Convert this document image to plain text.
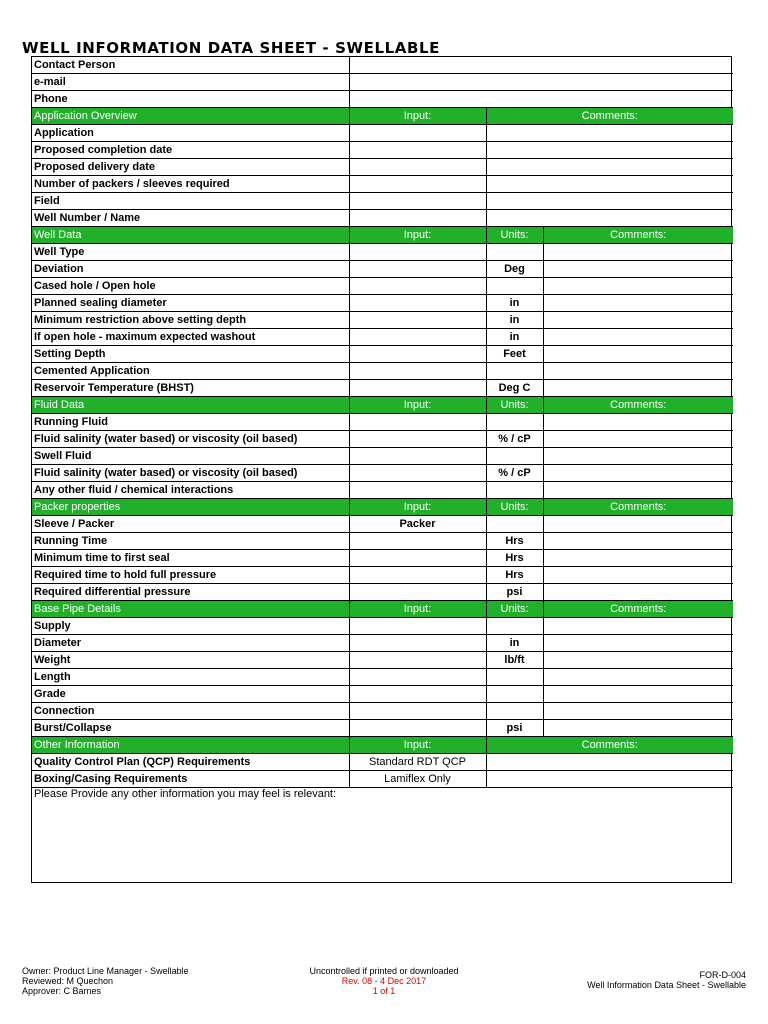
WELL INFORMATION DATA SHEET - SWELLABLE
Contact Person			
e-mail			
Phone			
Application Overview	Input:	Comments:	
Application			
Proposed completion date			
Proposed delivery date			
Number of packers / sleeves required			
Field			
Well Number / Name			
Well Data	Input:	Units:	Comments:
Well Type			
Deviation		Deg	
Cased hole / Open hole			
Planned sealing diameter		in	
Minimum restriction above setting depth		in	
If open hole - maximum expected washout		in	
Setting Depth		Feet	
Cemented Application			
Reservoir Temperature (BHST)		Deg C	
Fluid Data	Input:	Units:	Comments:
Running Fluid			
Fluid salinity (water based) or viscosity (oil based)		% / cP	
Swell Fluid			
Fluid salinity (water based) or viscosity (oil based)		% / cP	
Any other fluid / chemical interactions			
Packer properties	Input:	Units:	Comments:
Sleeve / Packer	Packer		
Running Time		Hrs	
Minimum time to first seal		Hrs	
Required time to hold full pressure		Hrs	
Required differential pressure		psi	
Base Pipe Details	Input:	Units:	Comments:
Supply			
Diameter		in	
Weight		lb/ft	
Length			
Grade			
Connection			
Burst/Collapse		psi	
Other Information	Input:	Comments:	
Quality Control Plan (QCP) Requirements	Standard RDT QCP		
Boxing/Casing Requirements	Lamiflex Only		
Please Provide any other information you may feel is relevant:
Owner: Product Line Manager - Swellable
Reviewed: M Quechon
Approver: C Barnes
Uncontrolled if printed or downloaded
Rev. 08 - 4 Dec 2017
1 of 1
FOR-D-004
Well Information Data Sheet - Swellable
